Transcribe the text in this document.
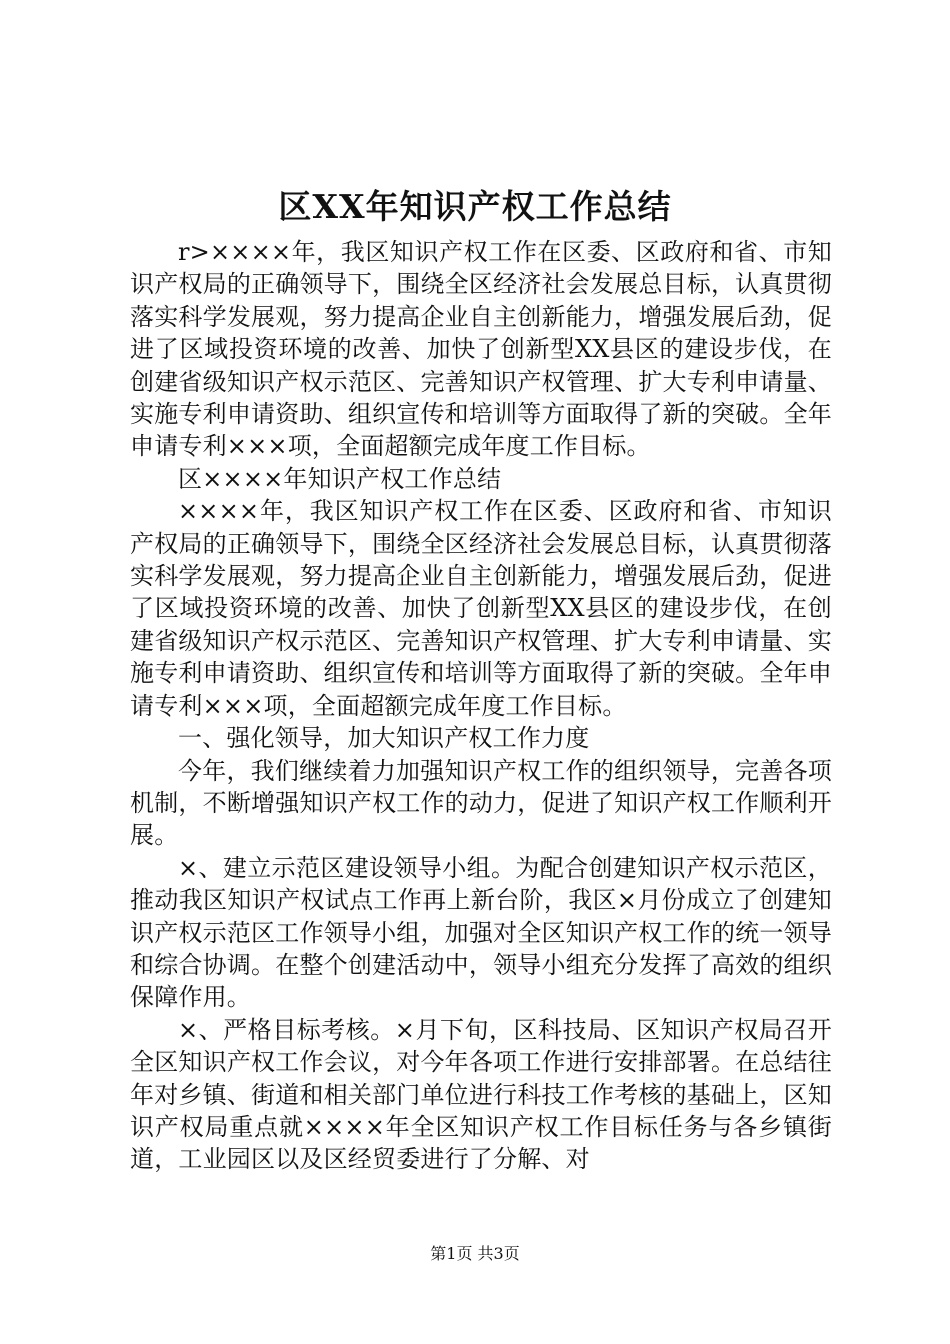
区XX年知识产权工作总结

r>××××年，我区知识产权工作在区委、区政府和省、市知识产权局的正确领导下，围绕全区经济社会发展总目标，认真贯彻落实科学发展观，努力提高企业自主创新能力，增强发展后劲，促进了区域投资环境的改善、加快了创新型XX县区的建设步伐，在创建省级知识产权示范区、完善知识产权管理、扩大专利申请量、实施专利申请资助、组织宣传和培训等方面取得了新的突破。全年申请专利×××项，全面超额完成年度工作目标。

区××××年知识产权工作总结

××××年，我区知识产权工作在区委、区政府和省、市知识产权局的正确领导下，围绕全区经济社会发展总目标，认真贯彻落实科学发展观，努力提高企业自主创新能力，增强发展后劲，促进了区域投资环境的改善、加快了创新型XX县区的建设步伐，在创建省级知识产权示范区、完善知识产权管理、扩大专利申请量、实施专利申请资助、组织宣传和培训等方面取得了新的突破。全年申请专利×××项，全面超额完成年度工作目标。

一、强化领导，加大知识产权工作力度

今年，我们继续着力加强知识产权工作的组织领导，完善各项机制，不断增强知识产权工作的动力，促进了知识产权工作顺利开展。

×、建立示范区建设领导小组。为配合创建知识产权示范区，推动我区知识产权试点工作再上新台阶，我区×月份成立了创建知识产权示范区工作领导小组，加强对全区知识产权工作的统一领导和综合协调。在整个创建活动中，领导小组充分发挥了高效的组织保障作用。

×、严格目标考核。×月下旬，区科技局、区知识产权局召开全区知识产权工作会议，对今年各项工作进行安排部署。在总结往年对乡镇、街道和相关部门单位进行科技工作考核的基础上，区知识产权局重点就××××年全区知识产权工作目标任务与各乡镇街道，工业园区以及区经贸委进行了分解、对

第1页 共3页
